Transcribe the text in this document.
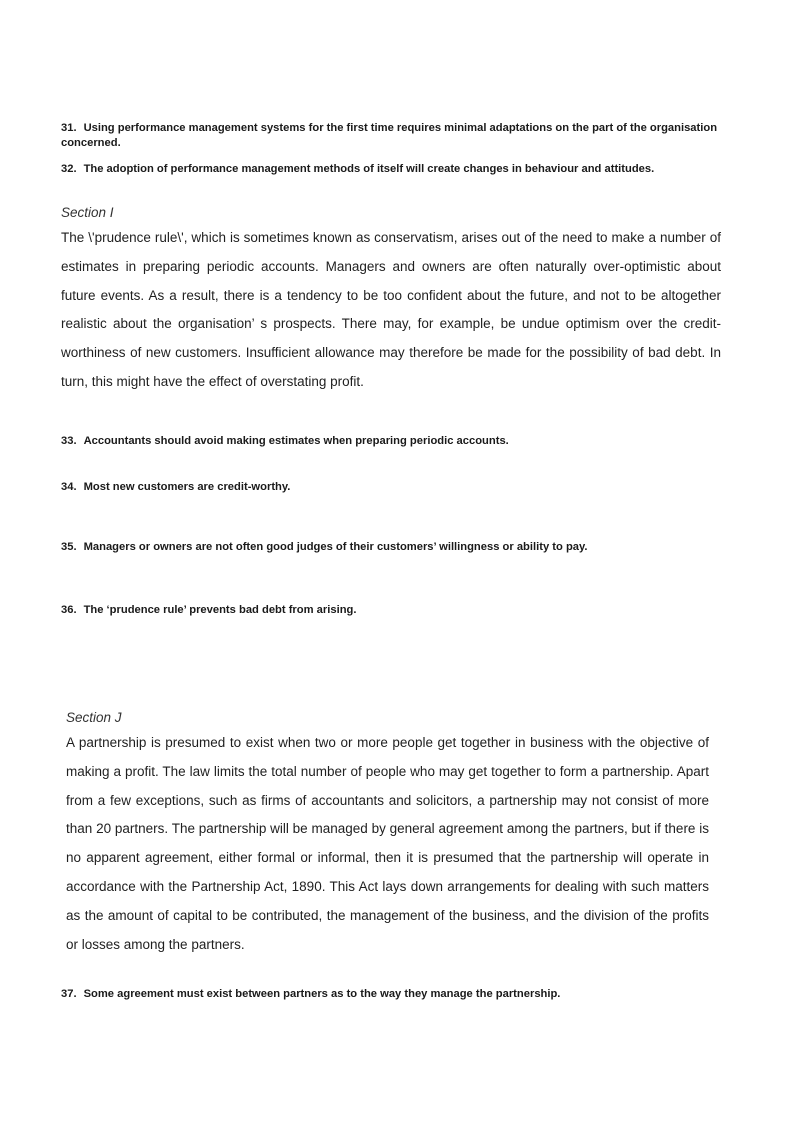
31. Using performance management systems for the first time requires minimal adaptations on the part of the organisation concerned.

32. The adoption of performance management methods of itself will create changes in behaviour and attitudes.

Section I

The \'prudence rule\', which is sometimes known as conservatism, arises out of the need to make a number of estimates in preparing periodic accounts. Managers and owners are often naturally over-optimistic about future events. As a result, there is a tendency to be too confident about the future, and not to be altogether realistic about the organisation’ s prospects. There may, for example, be undue optimism over the credit-worthiness of new customers. Insufficient allowance may therefore be made for the possibility of bad debt. In turn, this might have the effect of overstating profit.

33. Accountants should avoid making estimates when preparing periodic accounts.

34. Most new customers are credit-worthy.

35. Managers or owners are not often good judges of their customers’ willingness or ability to pay.

36. The ‘prudence rule’ prevents bad debt from arising.

Section J

A partnership is presumed to exist when two or more people get together in business with the objective of making a profit. The law limits the total number of people who may get together to form a partnership. Apart from a few exceptions, such as firms of accountants and solicitors, a partnership may not consist of more than 20 partners. The partnership will be managed by general agreement among the partners, but if there is no apparent agreement, either formal or informal, then it is presumed that the partnership will operate in accordance with the Partnership Act, 1890. This Act lays down arrangements for dealing with such matters as the amount of capital to be contributed, the management of the business, and the division of the profits or losses among the partners.

37. Some agreement must exist between partners as to the way they manage the partnership.
